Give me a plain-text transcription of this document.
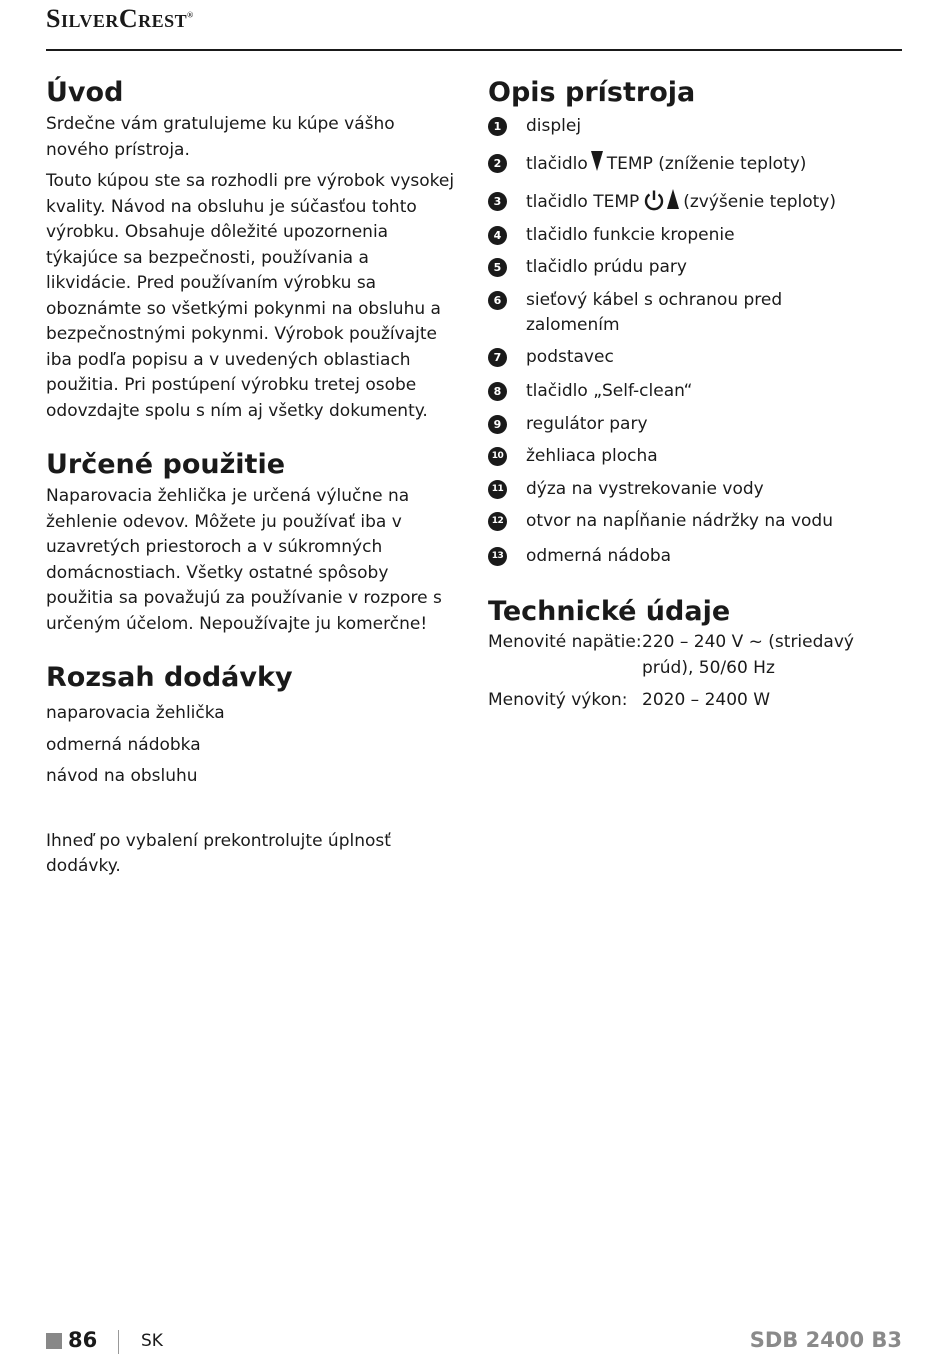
SilverCrest®
Úvod

Srdečne vám gratulujeme ku kúpe vášho nového prístroja.

Touto kúpou ste sa rozhodli pre výrobok vysokej kvality. Návod na obsluhu je súčasťou tohto výrobku. Obsahuje dôležité upozornenia týkajúce sa bezpečnosti, používania a likvidácie. Pred používaním výrobku sa oboznámte so všetkými pokynmi na obsluhu a bezpečnostnými pokynmi. Výrobok používajte iba podľa popisu a v uvedených oblastiach použitia. Pri postúpení výrobku tretej osobe odovzdajte spolu s ním aj všetky dokumenty.

Určené použitie

Naparovacia žehlička je určená výlučne na žehlenie odevov. Môžete ju používať iba v uzavretých priestoroch a v súkromných domácnostiach. Všetky ostatné spôsoby použitia sa považujú za používanie v rozpore s určeným účelom. Nepoužívajte ju komerčne!

Rozsah dodávky

naparovacia žehlička

odmerná nádobka

návod na obsluhu

Ihneď po vybalení prekontrolujte úplnosť dodávky.

Opis prístroja
1	displej
2	tlačidlo TEMP (zníženie teploty)
3	tlačidlo TEMP	(zvýšenie teploty)
4	tlačidlo funkcie kropenie
5	tlačidlo prúdu pary
6	sieťový kábel s ochranou pred zalomením
7	podstavec
8	tlačidlo „Self-clean“
9	regulátor pary
10 žehliaca plocha
11 dýza na vystrekovanie vody
12 otvor na napĺňanie nádržky na vodu
13 odmerná nádoba
Technické údaje
Menovité napätie: 220 – 240 V ~ (striedavý prúd), 50/60 Hz
Menovitý výkon: 2020 – 2400 W
86	SK	SDB 2400 B3
